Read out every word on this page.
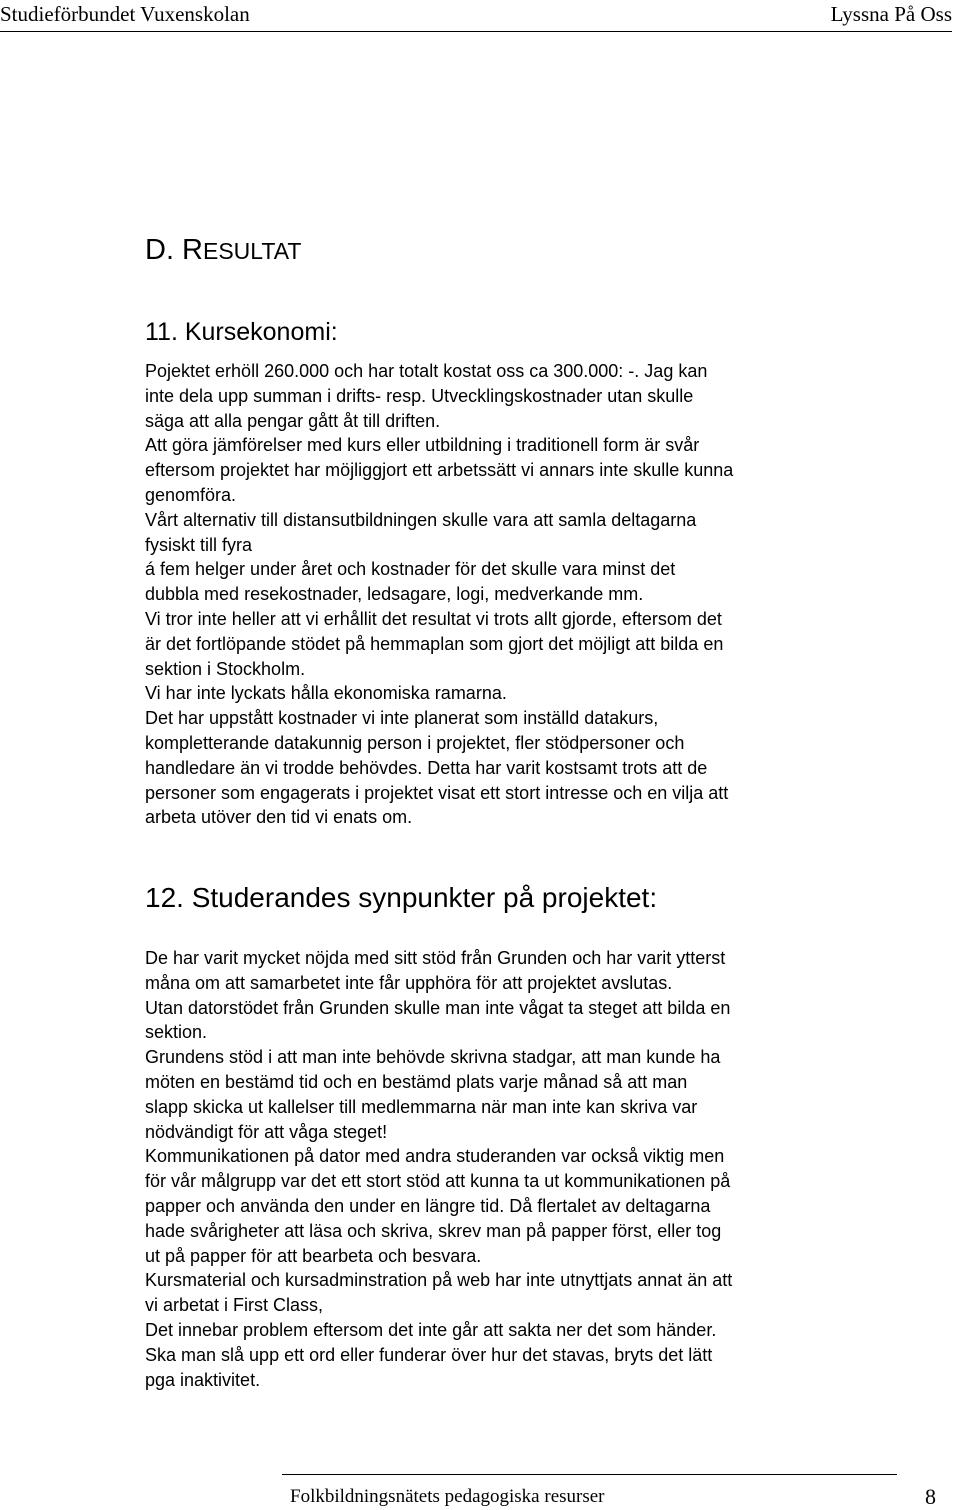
Studieförbundet Vuxenskolan	Lyssna På Oss
D. RESULTAT
11. Kursekonomi:
Pojektet erhöll 260.000 och har totalt kostat oss ca 300.000: -. Jag kan
inte dela upp summan i drifts- resp. Utvecklingskostnader utan skulle
säga att alla pengar gått åt till driften.
Att göra jämförelser med kurs eller utbildning i traditionell form är svår
eftersom projektet har möjliggjort ett arbetssätt vi annars inte skulle kunna
genomföra.
Vårt alternativ till distansutbildningen skulle vara att samla deltagarna
fysiskt till fyra
á fem helger under året och kostnader för det skulle vara minst det
dubbla med resekostnader, ledsagare, logi, medverkande mm.
Vi tror inte heller att vi erhållit det resultat vi trots allt gjorde, eftersom det
är det fortlöpande stödet på hemmaplan som gjort det möjligt att bilda en
sektion i Stockholm.
Vi har inte lyckats hålla ekonomiska ramarna.
Det har uppstått kostnader vi inte planerat som inställd datakurs,
kompletterande datakunnig person i projektet, fler stödpersoner och
handledare än vi trodde behövdes. Detta har varit kostsamt trots att de
personer som engagerats i projektet visat ett stort intresse och en vilja att
arbeta utöver den tid vi enats om.
12. Studerandes synpunkter på projektet:
De har varit mycket nöjda med sitt stöd från Grunden och har varit ytterst
måna om att samarbetet inte får upphöra för att projektet avslutas.
Utan datorstödet från Grunden skulle man inte vågat ta steget att bilda en
sektion.
Grundens stöd i att man inte behövde skrivna stadgar, att man kunde ha
möten en bestämd tid och en bestämd plats varje månad så att man
slapp skicka ut kallelser till medlemmarna när man inte kan skriva var
nödvändigt för att våga steget!
Kommunikationen på dator med andra studeranden var också viktig men
för vår målgrupp var det ett stort stöd att kunna ta ut kommunikationen på
papper och använda den under en längre tid. Då flertalet av deltagarna
hade svårigheter att läsa och skriva, skrev man på papper först, eller tog
ut på papper för att bearbeta och besvara.
Kursmaterial och kursadminstration på web har inte utnyttjats annat än att
vi arbetat i First Class,
Det innebar problem eftersom det inte går att sakta ner det som händer.
Ska man slå upp ett ord eller funderar över hur det stavas, bryts det lätt
pga inaktivitet.
Folkbildningsnätets pedagogiska resurser	8
